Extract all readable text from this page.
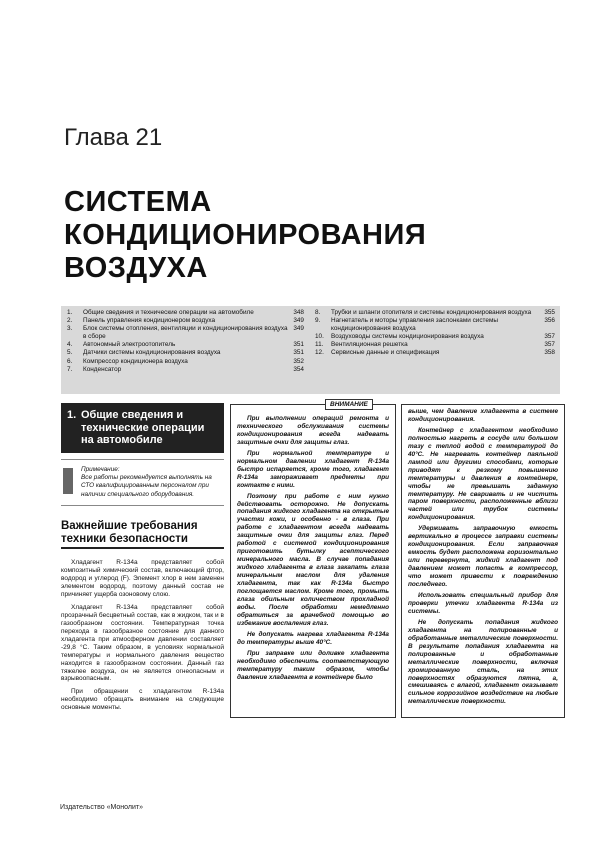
Глава 21
СИСТЕМА
КОНДИЦИОНИРОВАНИЯ
ВОЗДУХА
1.	Общие сведения и технические операции на автомобиле	348
2.	Панель управления кондиционером воздуха	349
3.	Блок системы отопления, вентиляции и кондиционирования воздуха в сборе
349
4.	Автономный электроотопитель	351
5.	Датчики системы кондиционирования воздуха	351
6.	Компрессор кондиционера воздуха	352
7.	Конденсатор	354
8.	Трубки и шланги отопителя и системы кондиционирования воздуха	355
9.	Нагнетатель и моторы управления заслонками системы кондиционирования воздуха
356
10.	Воздуховоды системы кондиционирования воздуха	357
11.	Вентиляционная решетка	357
12.	Сервисные данные и спецификация	358
1. Общие сведения и технические операции на автомобиле
Примечание:
Все работы рекомендуется выполнять на СТО квалифицированным персоналом при наличии специального оборудования.
Важнейшие требования техники безопасности

Хладагент R-134a представляет собой композитный химический состав, включающий фтор, водород и углерод (F). Элемент хлор в нем заменен элементом водород, поэтому данный состав не причиняет ущерба озоновому слою.

Хладагент R-134a представляет собой прозрачный бесцветный состав, как в жидком, так и в газообразном состоянии. Температурная точка перехода в газообразное состояние для данного хладагента при атмосферном давлении составляет -29,8 °С. Таким образом, в условиях нормальной температуры и нормального давления вещество находится в газообразном состоянии. Данный газ тяжелее воздуха, он не является огнеопасным и взрывоопасным.

При обращении с хладагентом R-134a необходимо обращать внимание на следующие основные моменты.

ВНИМАНИЕ

При выполнении операций ремонта и технического обслуживания системы кондиционирования всегда надевать защитные очки для защиты глаз.

При нормальной температуре и нормальном давлении хладагент R-134a быстро испаряется, кроме того, хладагент R-134a замораживает предметы при контакте с ними.

Поэтому при работе с ним нужно действовать осторожно. Не допускать попадания жидкого хладагента на открытые участки кожи, и особенно - в глаза. При работе с хладагентом всегда надевать защитные очки для защиты глаз. Перед работой с системой кондиционирования приготовить бутылку асептического минерального масла. В случае попадания жидкого хладагента в глаза закапать глаза минеральным маслом для удаления хладагента, так как R-134a быстро поглощается маслом. Кроме того, промыть глаза обильным количеством прохладной воды. После обработки немедленно обратиться за врачебной помощью во избежание воспаления глаз.

Не допускать нагрева хладагента R-134a до температуры выше 40°С.

При заправке или доливке хладагента необходимо обеспечить соответствующую температуру таким образом, чтобы давление хладагента в контейнере было

выше, чем давление хладагента в системе кондиционирования.

Контейнер с хладагентом необходимо полностью нагреть в сосуде или большом тазу с теплой водой с температурой до 40°С. Не нагревать контейнер паяльной лампой или другими способами, которые приводят к резкому повышению температуры и давления в контейнере, чтобы не превышать заданную температуру. Не сваривать и не чистить паром поверхности, расположенные вблизи частей или трубок системы кондиционирования.

Удерживать заправочную емкость вертикально в процессе заправки системы кондиционирования. Если заправочная емкость будет расположена горизонтально или перевернута, жидкий хладагент под давлением может попасть в компрессор, что может привести к повреждению последнего.

Использовать специальный прибор для проверки утечки хладагента R-134a из системы.

Не допускать попадания жидкого хладагента на полированные и обработанные металлические поверхности. В результате попадания хладагента на полированные и обработанные металлические поверхности, включая хромированную сталь, на этих поверхностях образуются пятна, а, смешиваясь с влагой, хладагент оказывает сильное коррозийное воздействие на любые металлические поверхности.

Издательство «Монолит»
